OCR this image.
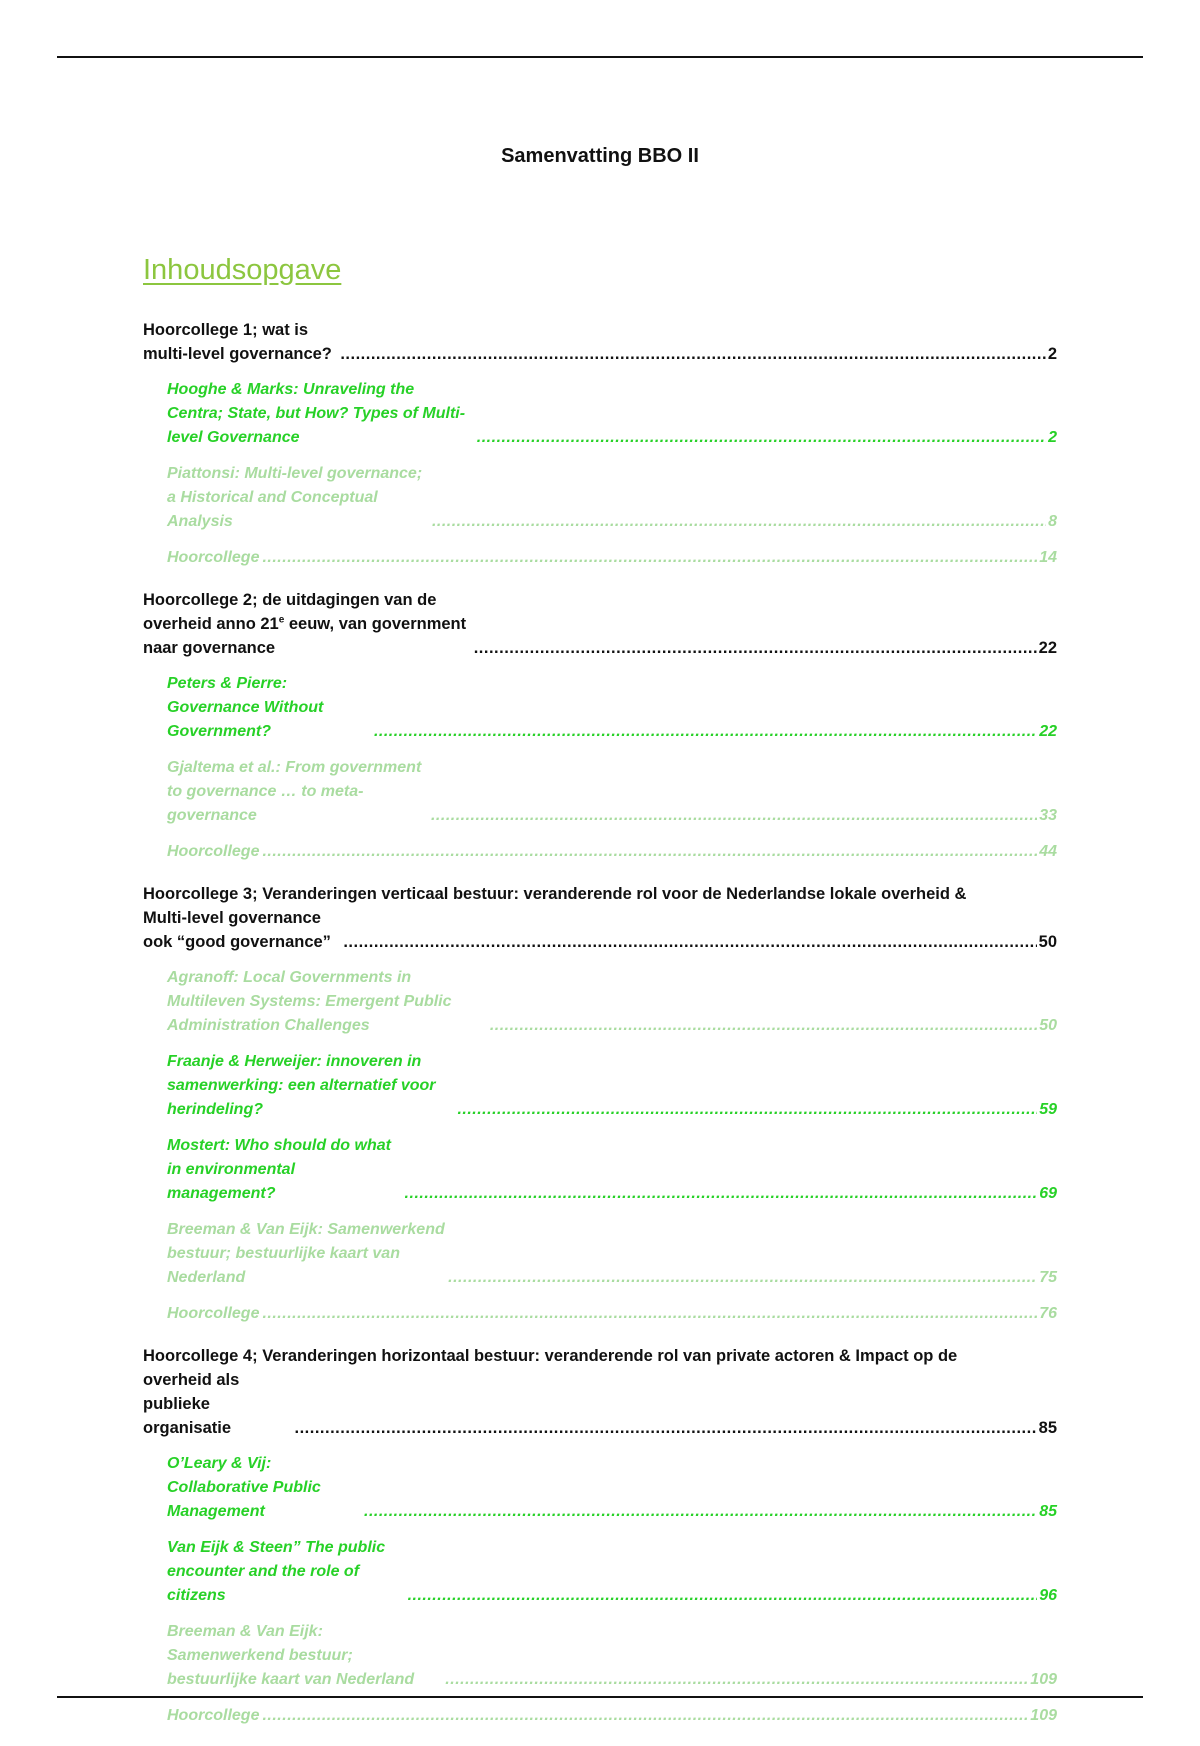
Samenvatting BBO II
Inhoudsopgave
Hoorcollege 1; wat is multi-level governance? .....	2
Hooghe & Marks: Unraveling the Centra; State, but How? Types of Multi-level Governance .....	2
Piattonsi: Multi-level governance; a Historical and Conceptual Analysis .....	8
Hoorcollege .....	14
Hoorcollege 2; de uitdagingen van de overheid anno 21e eeuw, van government naar governance .....	22
Peters & Pierre: Governance Without Government? .....	22
Gjaltema et al.: From government to governance … to meta-governance .....	33
Hoorcollege .....	44
Hoorcollege 3; Veranderingen verticaal bestuur: veranderende rol voor de Nederlandse lokale overheid &
Multi-level governance ook “good governance” .....	50
Agranoff: Local Governments in Multileven Systems: Emergent Public Administration Challenges .....	50
Fraanje & Herweijer: innoveren in samenwerking: een alternatief voor herindeling? .....	59
Mostert: Who should do what in environmental management? .....	69
Breeman & Van Eijk: Samenwerkend bestuur; bestuurlijke kaart van Nederland .....	75
Hoorcollege .....	76
Hoorcollege 4; Veranderingen horizontaal bestuur: veranderende rol van private actoren & Impact op de
overheid als publieke organisatie .....	85
O’Leary & Vij: Collaborative Public Management .....	85
Van Eijk & Steen” The public encounter and the role of citizens .....	96
Breeman & Van Eijk: Samenwerkend bestuur; bestuurlijke kaart van Nederland .....	109
Hoorcollege .....	109
